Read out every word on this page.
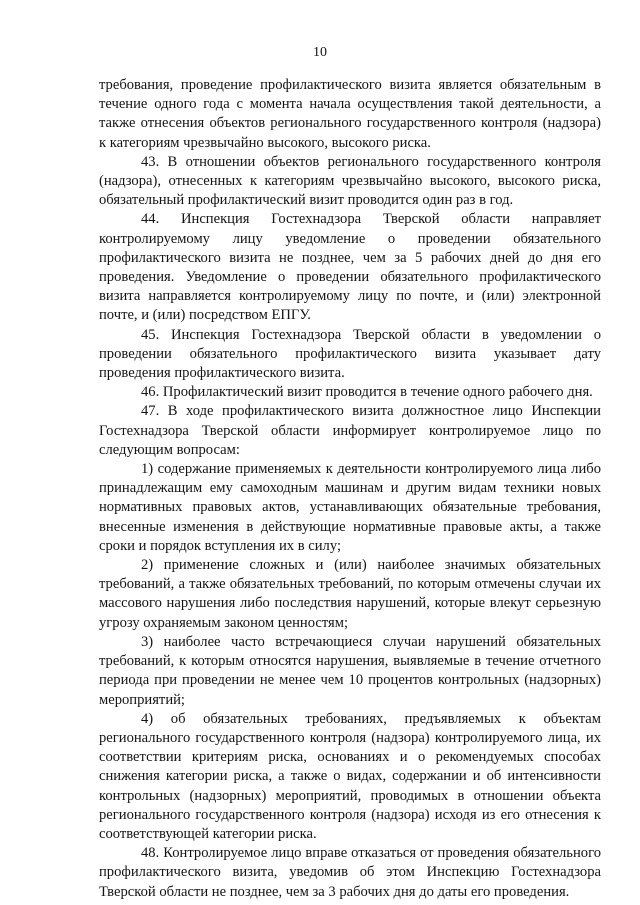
10

требования, проведение профилактического визита является обязательным в течение одного года с момента начала осуществления такой деятельности, а также отнесения объектов регионального государственного контроля (надзора) к категориям чрезвычайно высокого, высокого риска.

43. В отношении объектов регионального государственного контроля (надзора), отнесенных к категориям чрезвычайно высокого, высокого риска, обязательный профилактический визит проводится один раз в год.

44. Инспекция Гостехнадзора Тверской области направляет контролируемому лицу уведомление о проведении обязательного профилактического визита не позднее, чем за 5 рабочих дней до дня его проведения. Уведомление о проведении обязательного профилактического визита направляется контролируемому лицу по почте, и (или) электронной почте, и (или) посредством ЕПГУ.

45. Инспекция Гостехнадзора Тверской области в уведомлении о проведении обязательного профилактического визита указывает дату проведения профилактического визита.

46. Профилактический визит проводится в течение одного рабочего дня.

47. В ходе профилактического визита должностное лицо Инспекции Гостехнадзора Тверской области информирует контролируемое лицо по следующим вопросам:

1) содержание применяемых к деятельности контролируемого лица либо принадлежащим ему самоходным машинам и другим видам техники новых нормативных правовых актов, устанавливающих обязательные требования, внесенные изменения в действующие нормативные правовые акты, а также сроки и порядок вступления их в силу;

2) применение сложных и (или) наиболее значимых обязательных требований, а также обязательных требований, по которым отмечены случаи их массового нарушения либо последствия нарушений, которые влекут серьезную угрозу охраняемым законом ценностям;

3) наиболее часто встречающиеся случаи нарушений обязательных требований, к которым относятся нарушения, выявляемые в течение отчетного периода при проведении не менее чем 10 процентов контрольных (надзорных) мероприятий;

4) об обязательных требованиях, предъявляемых к объектам регионального государственного контроля (надзора) контролируемого лица, их соответствии критериям риска, основаниях и о рекомендуемых способах снижения категории риска, а также о видах, содержании и об интенсивности контрольных (надзорных) мероприятий, проводимых в отношении объекта регионального государственного контроля (надзора) исходя из его отнесения к соответствующей категории риска.

48. Контролируемое лицо вправе отказаться от проведения обязательного профилактического визита, уведомив об этом Инспекцию Гостехнадзора Тверской области не позднее, чем за 3 рабочих дня до даты его проведения.
